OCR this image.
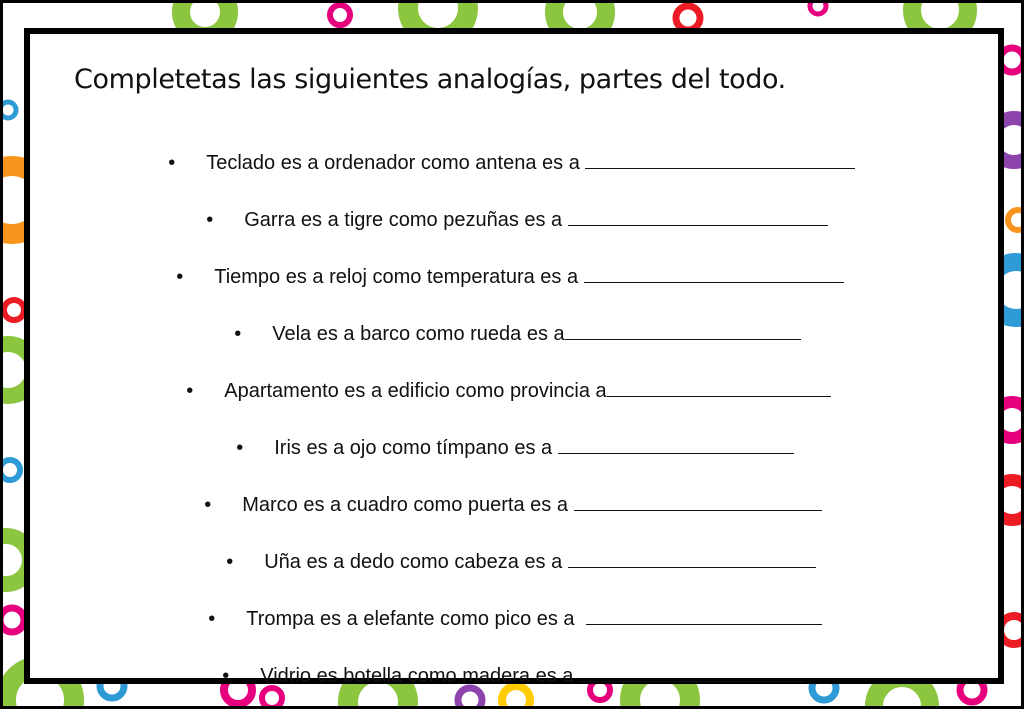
Completetas las siguientes analogías, partes del todo.

• Teclado es a ordenador como antena es a

• Garra es a tigre como pezuñas es a

• Tiempo es a reloj como temperatura es a

• Vela es a barco como rueda es a

• Apartamento es a edificio como provincia a

• Iris es a ojo como tímpano es a

• Marco es a cuadro como puerta es a

• Uña es a dedo como cabeza es a

• Trompa es a elefante como pico es a

• Vidrio es botella como madera es a
